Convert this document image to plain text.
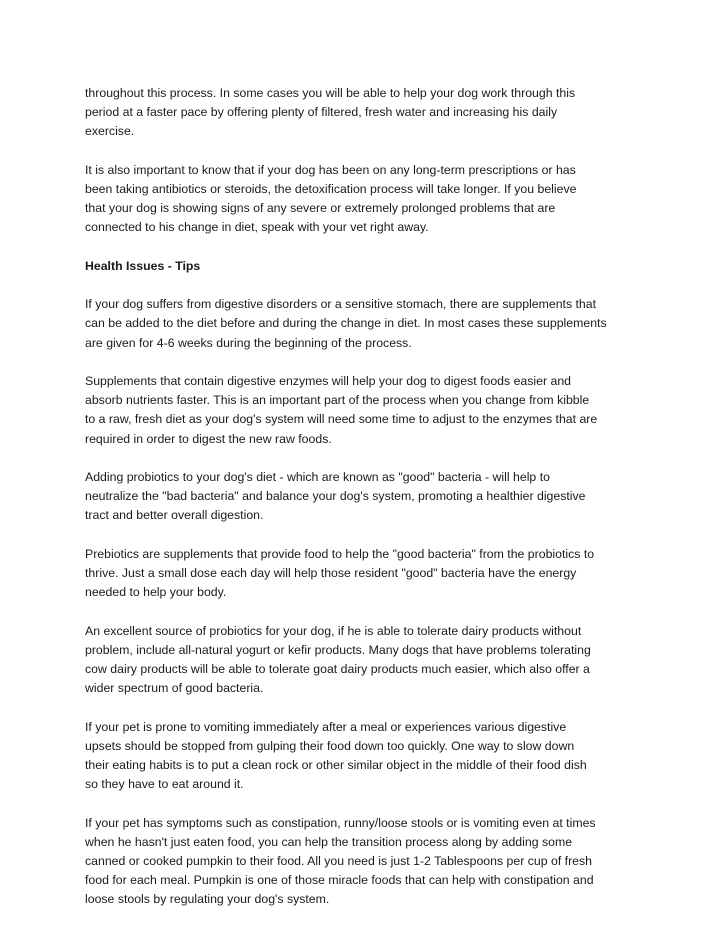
throughout this process. In some cases you will be able to help your dog work through this
period at a faster pace by offering plenty of filtered, fresh water and increasing his daily
exercise.

It is also important to know that if your dog has been on any long-term prescriptions or has
been taking antibiotics or steroids, the detoxification process will take longer. If you believe
that your dog is showing signs of any severe or extremely prolonged problems that are
connected to his change in diet, speak with your vet right away.

Health Issues - Tips

If your dog suffers from digestive disorders or a sensitive stomach, there are supplements that
can be added to the diet before and during the change in diet. In most cases these supplements
are given for 4-6 weeks during the beginning of the process.

Supplements that contain digestive enzymes will help your dog to digest foods easier and
absorb nutrients faster. This is an important part of the process when you change from kibble
to a raw, fresh diet as your dog's system will need some time to adjust to the enzymes that are
required in order to digest the new raw foods.

Adding probiotics to your dog's diet - which are known as "good" bacteria - will help to
neutralize the "bad bacteria" and balance your dog's system, promoting a healthier digestive
tract and better overall digestion.

Prebiotics are supplements that provide food to help the "good bacteria" from the probiotics to
thrive. Just a small dose each day will help those resident "good" bacteria have the energy
needed to help your body.

An excellent source of probiotics for your dog, if he is able to tolerate dairy products without
problem, include all-natural yogurt or kefir products. Many dogs that have problems tolerating
cow dairy products will be able to tolerate goat dairy products much easier, which also offer a
wider spectrum of good bacteria.

If your pet is prone to vomiting immediately after a meal or experiences various digestive
upsets should be stopped from gulping their food down too quickly. One way to slow down
their eating habits is to put a clean rock or other similar object in the middle of their food dish
so they have to eat around it.

If your pet has symptoms such as constipation, runny/loose stools or is vomiting even at times
when he hasn't just eaten food, you can help the transition process along by adding some
canned or cooked pumpkin to their food. All you need is just 1-2 Tablespoons per cup of fresh
food for each meal. Pumpkin is one of those miracle foods that can help with constipation and
loose stools by regulating your dog's system.
